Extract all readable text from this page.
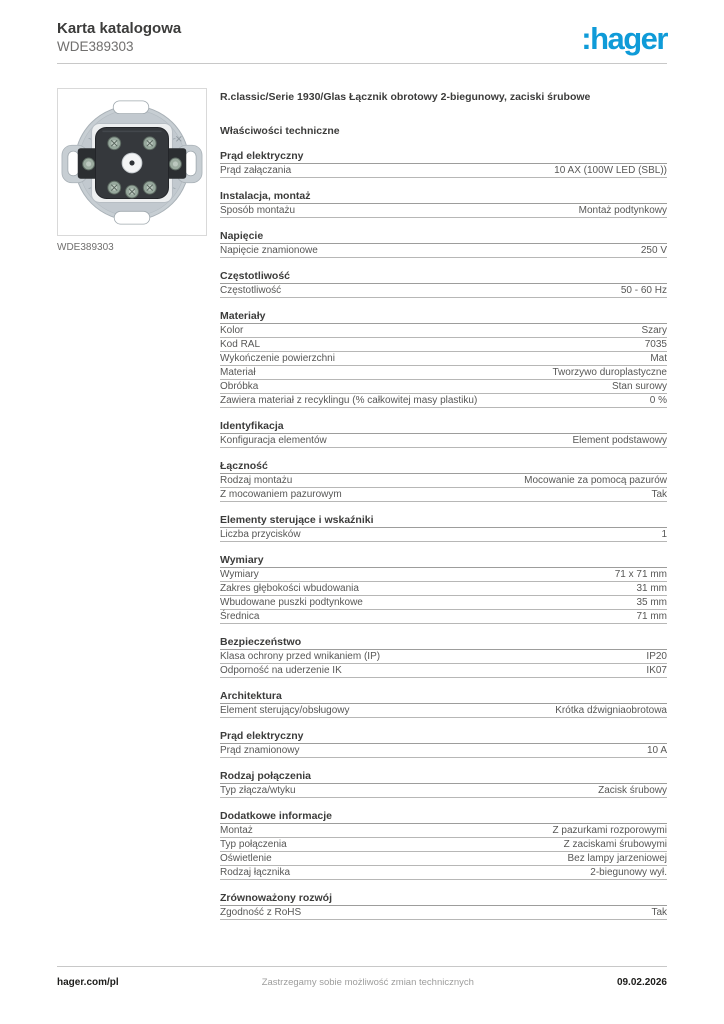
Karta katalogowa
WDE389303	:hager
WDE389303
R.classic/Serie 1930/Glas Łącznik obrotowy 2-biegunowy, zaciski śrubowe
Właściwości techniczne
Prąd elektryczny
Prąd załączania	10 AX (100W LED (SBL))
Instalacja, montaż
Sposób montażu	Montaż podtynkowy
Napięcie
Napięcie znamionowe	250 V
Częstotliwość
Częstotliwość	50 - 60 Hz
Materiały
Kolor	Szary
Kod RAL	7035
Wykończenie powierzchni	Mat
Materiał	Tworzywo duroplastyczne
Obróbka	Stan surowy
Zawiera materiał z recyklingu (% całkowitej masy plastiku)	0 %
Identyfikacja
Konfiguracja elementów	Element podstawowy
Łączność
Rodzaj montażu	Mocowanie za pomocą pazurów
Z mocowaniem pazurowym	Tak
Elementy sterujące i wskaźniki
Liczba przycisków	1
Wymiary
Wymiary	71 x 71 mm
Zakres głębokości wbudowania	31 mm
Wbudowane puszki podtynkowe	35 mm
Średnica	71 mm
Bezpieczeństwo
Klasa ochrony przed wnikaniem (IP)	IP20
Odporność na uderzenie IK	IK07
Architektura
Element sterujący/obsługowy	Krótka dźwigniaobrotowa
Prąd elektryczny
Prąd znamionowy	10 A
Rodzaj połączenia
Typ złącza/wtyku	Zacisk śrubowy
Dodatkowe informacje
Montaż	Z pazurkami rozporowymi
Typ połączenia	Z zaciskami śrubowymi
Oświetlenie	Bez lampy jarzeniowej
Rodzaj łącznika	2-biegunowy wył.
Zrównoważony rozwój
Zgodność z RoHS	Tak
hager.com/pl	Zastrzegamy sobie możliwość zmian technicznych	09.02.2026
